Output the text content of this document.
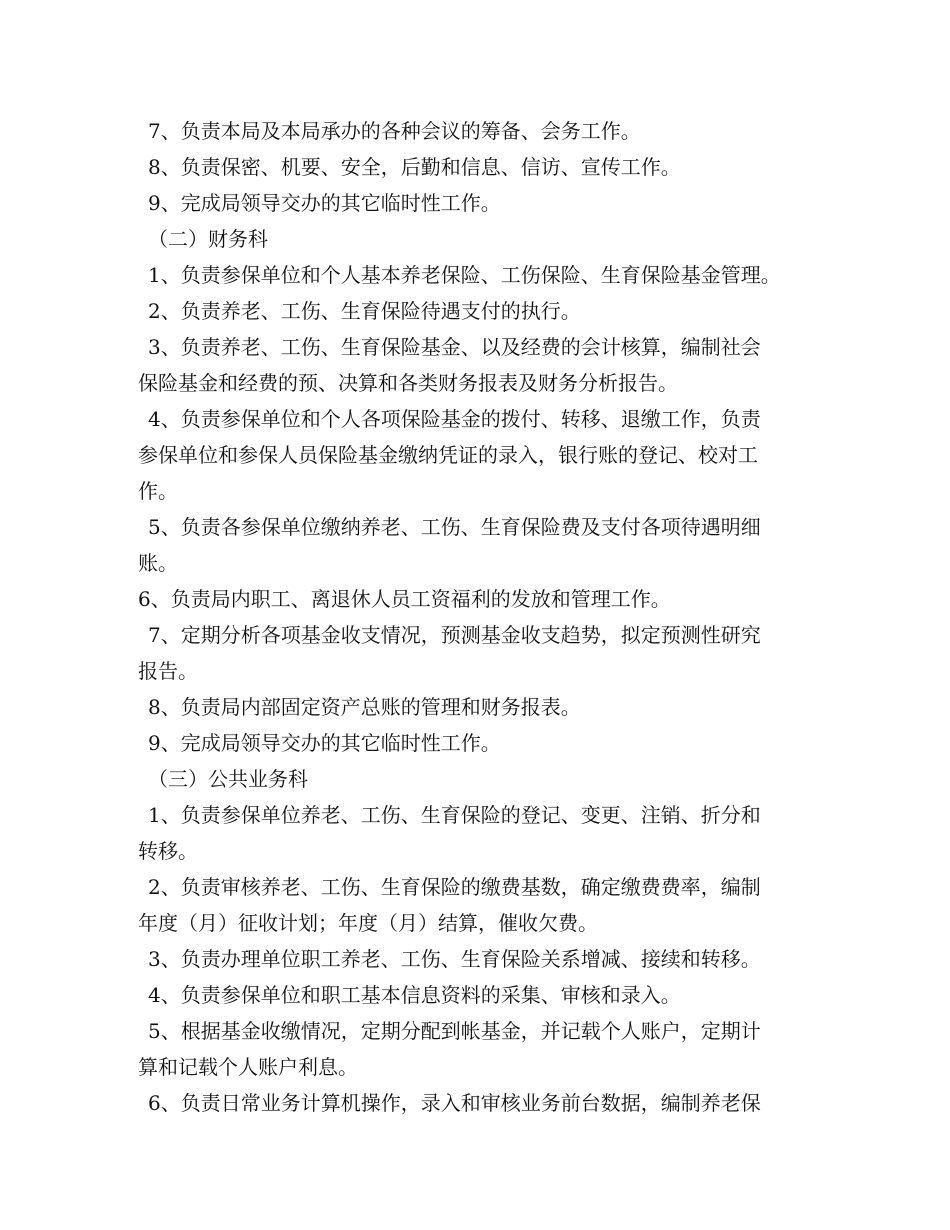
7、负责本局及本局承办的各种会议的筹备、会务工作。
8、负责保密、机要、安全，后勤和信息、信访、宣传工作。
9、完成局领导交办的其它临时性工作。
（二）财务科
1、负责参保单位和个人基本养老保险、工伤保险、生育保险基金管理。
2、负责养老、工伤、生育保险待遇支付的执行。
3、负责养老、工伤、生育保险基金、以及经费的会计核算，编制社会
保险基金和经费的预、决算和各类财务报表及财务分析报告。
4、负责参保单位和个人各项保险基金的拨付、转移、退缴工作，负责
参保单位和参保人员保险基金缴纳凭证的录入，银行账的登记、校对工
作。
5、负责各参保单位缴纳养老、工伤、生育保险费及支付各项待遇明细
账。
6、负责局内职工、离退休人员工资福利的发放和管理工作。
7、定期分析各项基金收支情况，预测基金收支趋势，拟定预测性研究
报告。
8、负责局内部固定资产总账的管理和财务报表。
9、完成局领导交办的其它临时性工作。
（三）公共业务科
1、负责参保单位养老、工伤、生育保险的登记、变更、注销、折分和
转移。
2、负责审核养老、工伤、生育保险的缴费基数，确定缴费费率，编制
年度（月）征收计划；年度（月）结算，催收欠费。
3、负责办理单位职工养老、工伤、生育保险关系增减、接续和转移。
4、负责参保单位和职工基本信息资料的采集、审核和录入。
5、根据基金收缴情况，定期分配到帐基金，并记载个人账户，定期计
算和记载个人账户利息。
6、负责日常业务计算机操作，录入和审核业务前台数据，编制养老保
